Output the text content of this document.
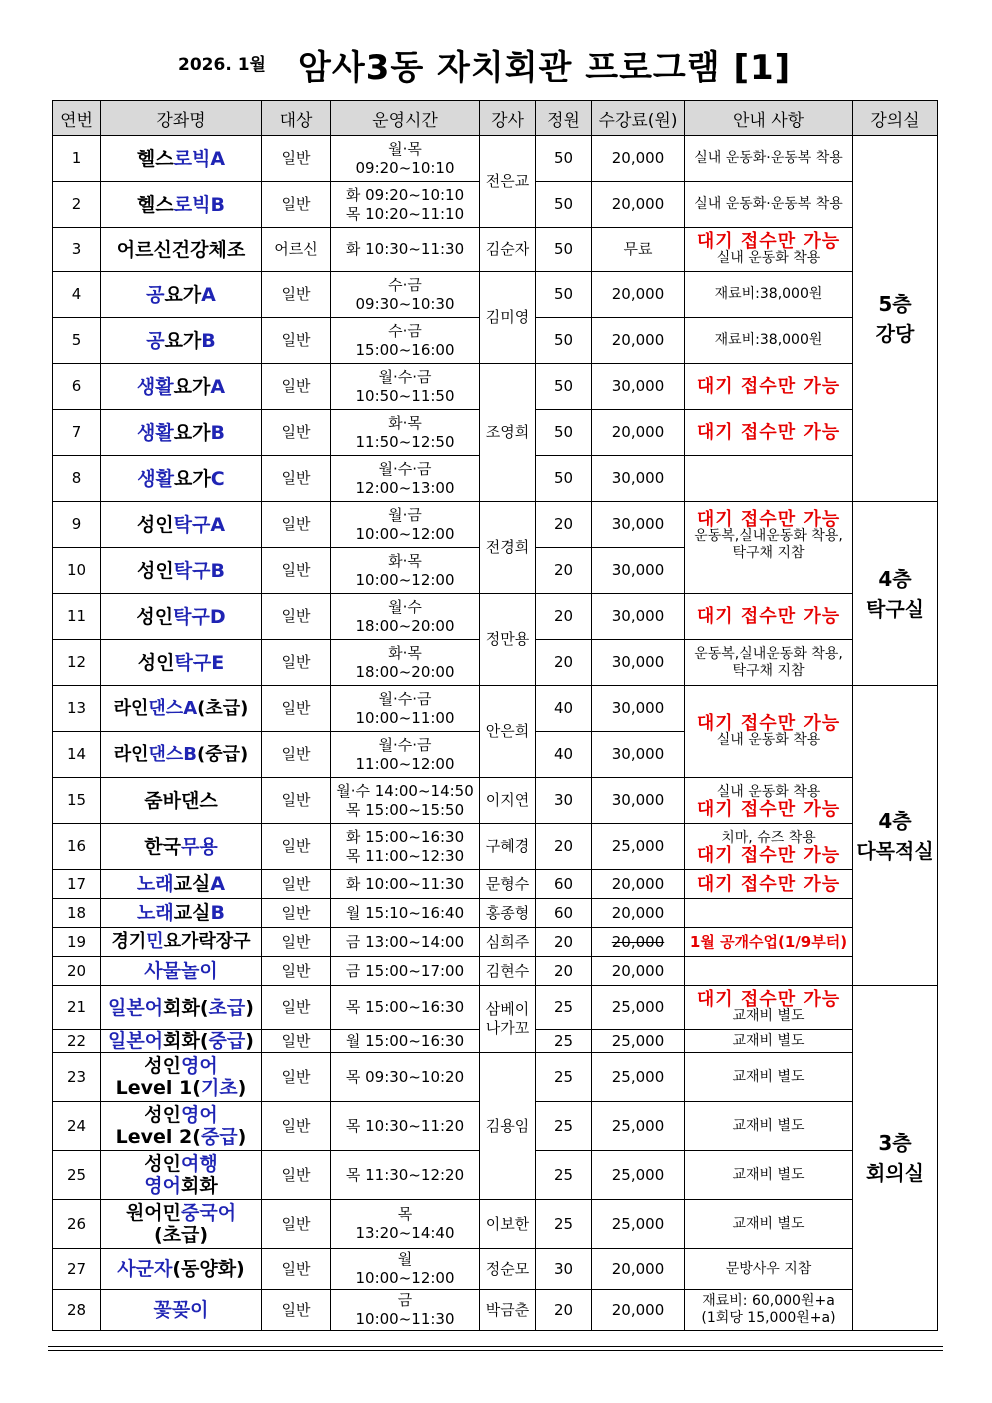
2026. 1월 암사3동 자치회관 프로그램 [1]
연번	강좌명	대상	운영시간	강사	정원	수강료(원)	안내 사항	강의실
1	헬스로빅A	일반	월·목
09:20~10:10	전은교	50	20,000	실내 운동화·운동복 착용	5층
강당

2	헬스로빅B	일반	화 09:20~10:10
목 10:20~11:10		50	20,000	실내 운동화·운동복 착용	
3	어르신건강체조	어르신	화 10:30~11:30	김순자	50	무료	대기 접수만 가능
실내 운동화 착용	

4	공요가A	일반	수·금
09:30~10:30	김미영	50	20,000	재료비:38,000원	
5	공요가B	일반	수·금
15:00~16:00		50	20,000	재료비:38,000원	
6	생활요가A	일반	월·수·금
10:50~11:50	조영희	50	30,000	대기 접수만 가능	

7	생활요가B	일반	화·목
11:50~12:50		50	20,000	대기 접수만 가능	

8	생활요가C	일반	월·수·금
12:00~13:00		50	30,000		
9	성인탁구A	일반	월·금
10:00~12:00	전경희	20	30,000	대기 접수만 가능
운동복,실내운동화 착용,
탁구채 지참	4층
탁구실

10	성인탁구B	일반	화·목
10:00~12:00		20	30,000		
11	성인탁구D	일반	월·수
18:00~20:00	정만용	20	30,000	대기 접수만 가능	

12	성인탁구E	일반	화·목
18:00~20:00		20	30,000	운동복,실내운동화 착용,
탁구채 지참	

13	라인댄스A(초급)	일반	월·수·금
10:00~11:00	안은희	40	30,000	대기 접수만 가능
실내 운동화 착용	4층
다목적실

14	라인댄스B(중급)	일반	월·수·금
11:00~12:00		40	30,000		
15	줌바댄스	일반	월·수 14:00~14:50
목 15:00~15:50	이지연	30	30,000	실내 운동화 착용
대기 접수만 가능	

16	한국무용	일반	화 15:00~16:30
목 11:00~12:30	구혜경	20	25,000	치마, 슈즈 착용
대기 접수만 가능	

17	노래교실A	일반	화 10:00~11:30	문형수	60	20,000	대기 접수만 가능	

18	노래교실B	일반	월 15:10~16:40	홍종형	60	20,000		
19	경기민요가락장구	일반	금 13:00~14:00	심희주	20	20,000	1월 공개수업(1/9부터)	

20	사물놀이	일반	금 15:00~17:00	김현수	20	20,000		
21	일본어회화(초급)	일반	목 15:00~16:30	삼베이
나가꼬	25	25,000	대기 접수만 가능
교재비 별도	3층
회의실

22	일본어회화(중급)	일반	월 15:00~16:30		25	25,000	교재비 별도	
23	성인영어
Level 1(기초)	일반	목 09:30~10:20	김용임	25	25,000	교재비 별도	
24	성인영어
Level 2(중급)	일반	목 10:30~11:20		25	25,000	교재비 별도	
25	성인여행
영어회화	일반	목 11:30~12:20		25	25,000	교재비 별도	
26	원어민중국어
(초급)	일반	목
13:20~14:40	이보한	25	25,000	교재비 별도	
27	사군자(동양화)	일반	월
10:00~12:00	정순모	30	20,000	문방사우 지참	
28	꽃꽂이	일반	금
10:00~11:30	박금춘	20	20,000	재료비: 60,000원+a
(1회당 15,000원+a)	
